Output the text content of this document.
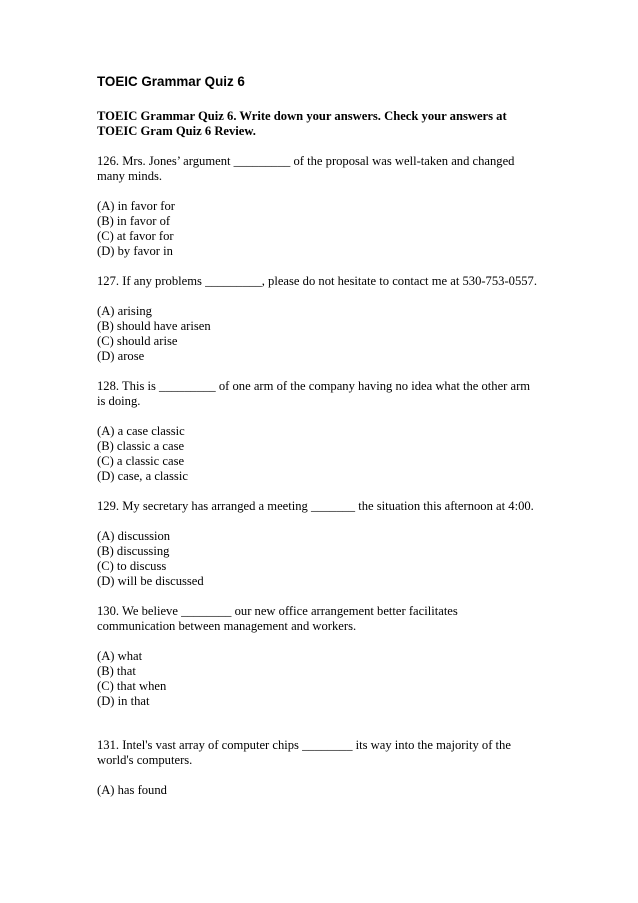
TOEIC Grammar Quiz 6
TOEIC Grammar Quiz 6. Write down your answers. Check your answers at TOEIC Gram Quiz 6 Review.
126. Mrs. Jones’ argument _________ of the proposal was well-taken and changed many minds.
(A) in favor for
(B) in favor of
(C) at favor for
(D) by favor in
127. If any problems _________, please do not hesitate to contact me at 530-753-0557.
(A) arising
(B) should have arisen
(C) should arise
(D) arose
128. This is _________ of one arm of the company having no idea what the other arm is doing.
(A) a case classic
(B) classic a case
(C) a classic case
(D) case, a classic
129. My secretary has arranged a meeting _______ the situation this afternoon at 4:00.
(A) discussion
(B) discussing
(C) to discuss
(D) will be discussed
130. We believe ________ our new office arrangement better facilitates communication between management and workers.
(A) what
(B) that
(C) that when
(D) in that
131. Intel's vast array of computer chips ________ its way into the majority of the world's computers.
(A) has found
